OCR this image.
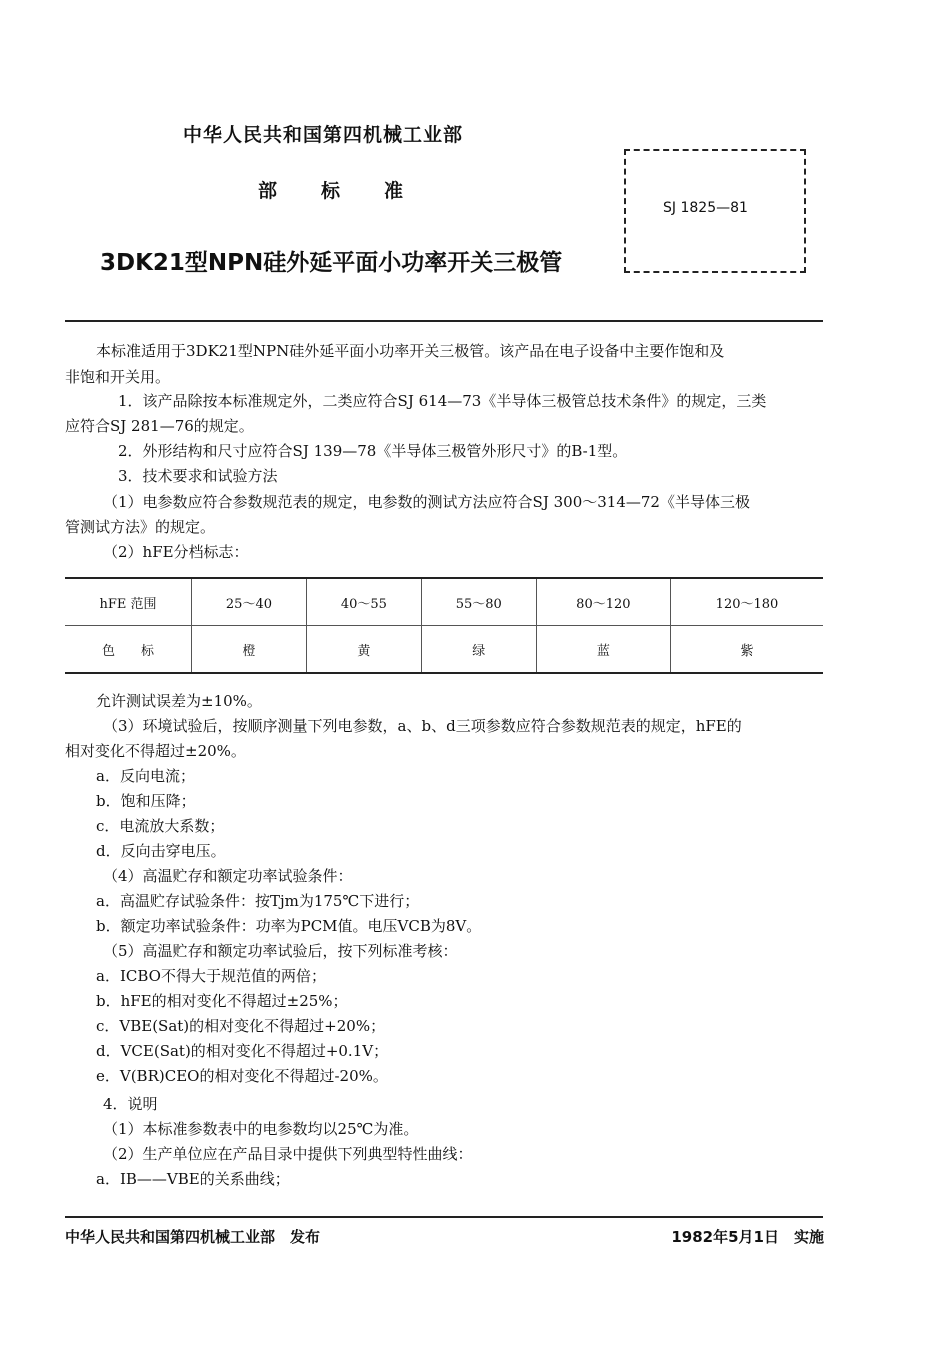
中华人民共和国第四机械工业部
部 标 准
3DK21型NPN硅外延平面小功率开关三极管
SJ 1825—81
本标准适用于3DK21型NPN硅外延平面小功率开关三极管。该产品在电子设备中主要作饱和及
非饱和开关用。
1．该产品除按本标准规定外，二类应符合SJ 614—73《半导体三极管总技术条件》的规定，三类
应符合SJ 281—76的规定。
2．外形结构和尺寸应符合SJ 139—78《半导体三极管外形尺寸》的B-1型。
3．技术要求和试验方法
（1）电参数应符合参数规范表的规定，电参数的测试方法应符合SJ 300～314—72《半导体三极
管测试方法》的规定。
（2）hFE分档标志：
hFE 范围	25～40	40～55	55～80	80～120	120～180
色　　标	橙	黄	绿	蓝	紫
允许测试误差为±10%。
（3）环境试验后，按顺序测量下列电参数，a、b、d三项参数应符合参数规范表的规定，hFE的
相对变化不得超过±20%。
a．反向电流；
b．饱和压降；
c．电流放大系数；
d．反向击穿电压。
（4）高温贮存和额定功率试验条件：
a．高温贮存试验条件：按Tjm为175℃下进行；
b．额定功率试验条件：功率为PCM值。电压VCB为8V。
（5）高温贮存和额定功率试验后，按下列标准考核：
a．ICBO不得大于规范值的两倍；
b．hFE的相对变化不得超过±25%；
c．VBE(Sat)的相对变化不得超过+20%；
d．VCE(Sat)的相对变化不得超过+0.1V；
e．V(BR)CEO的相对变化不得超过-20%。
4．说明
（1）本标准参数表中的电参数均以25℃为准。
（2）生产单位应在产品目录中提供下列典型特性曲线：
a．IB——VBE的关系曲线；
中华人民共和国第四机械工业部　发布	1982年5月1日　实施
